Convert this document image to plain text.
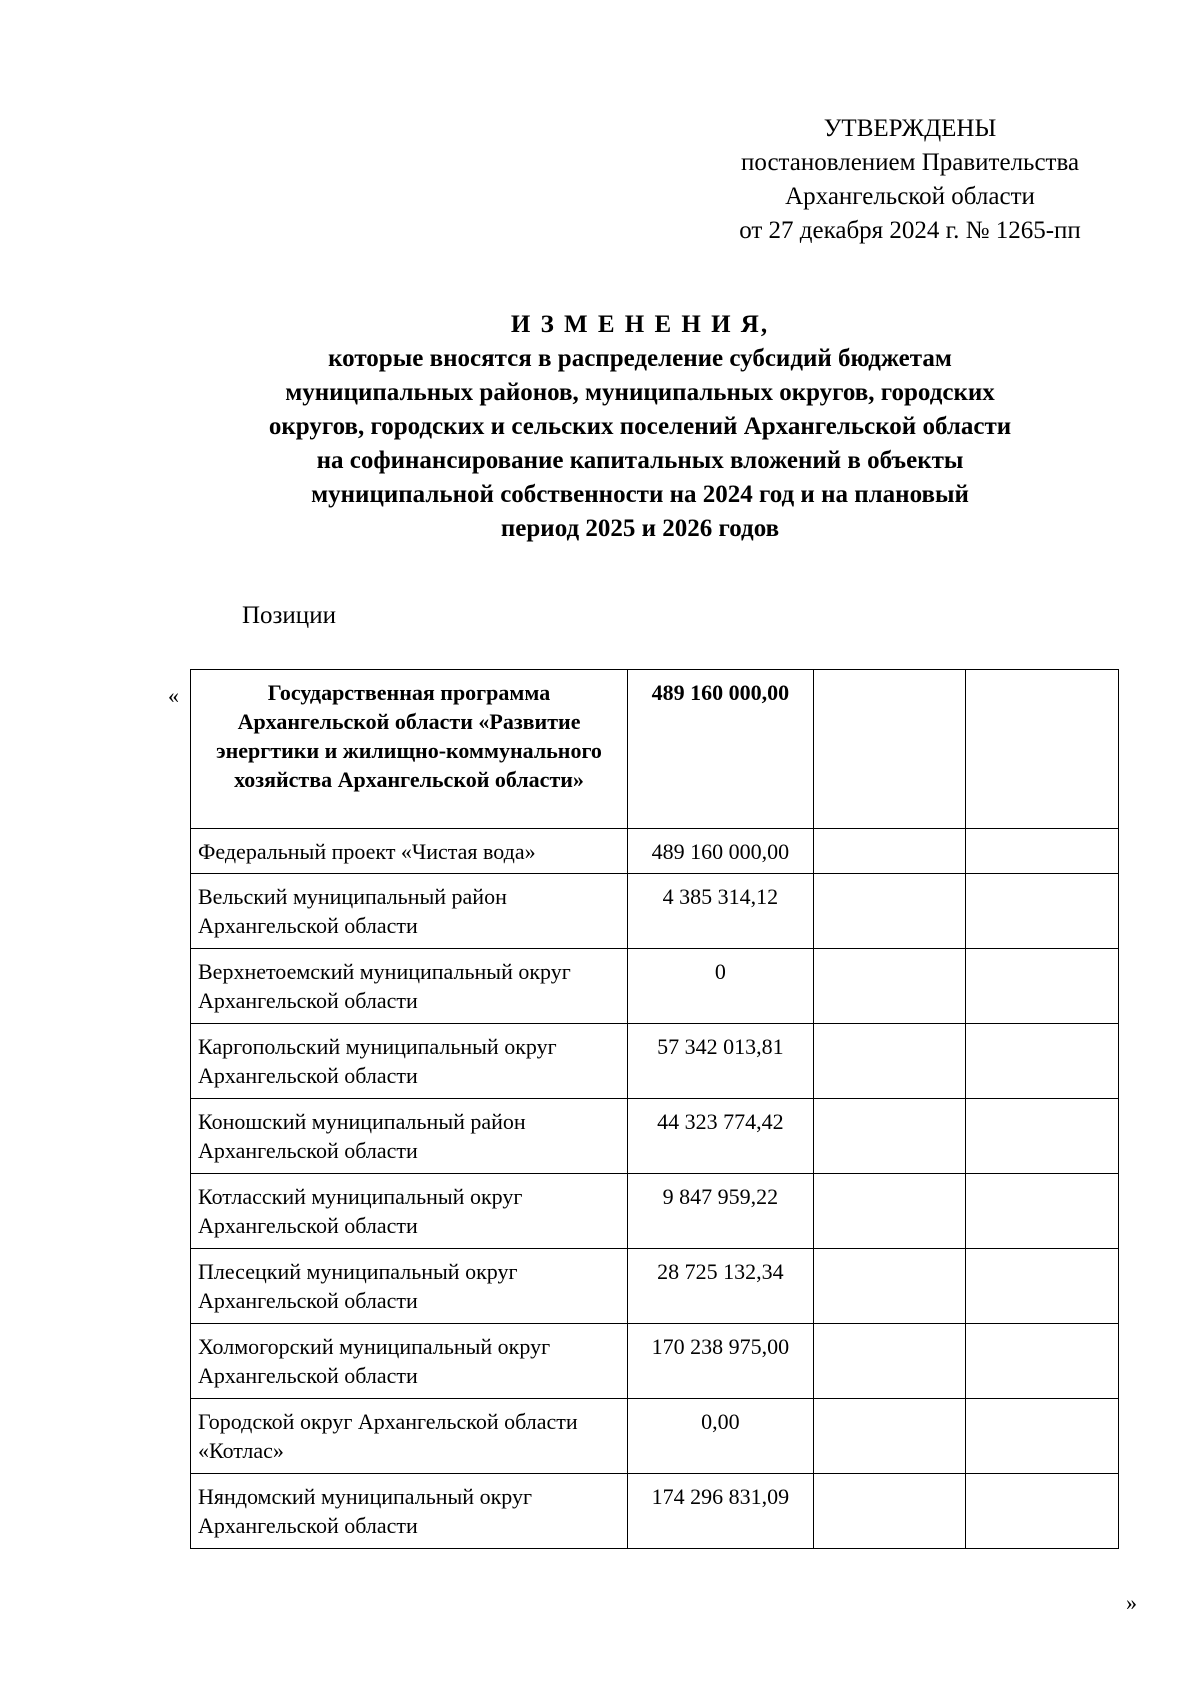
УТВЕРЖДЕНЫ
постановлением Правительства
Архангельской области
от 27 декабря 2024 г. № 1265-пп
И З М Е Н Е Н И Я,
которые вносятся в распределение субсидий бюджетам
муниципальных районов, муниципальных округов, городских
округов, городских и сельских поселений Архангельской области
на софинансирование капитальных вложений в объекты
муниципальной собственности на 2024 год и на плановый
период 2025 и 2026 годов
Позиции
«	Государственная программа Архангельской области «Развитие энергтики и жилищно-коммунального хозяйства Архангельской области»	489 160 000,00		
Федеральный проект «Чистая вода»	489 160 000,00		
Вельский муниципальный район Архангельской области	4 385 314,12		
Верхнетоемский муниципальный округ Архангельской области	0		
Каргопольский муниципальный округ Архангельской области	57 342 013,81		
Коношский муниципальный район Архангельской области	44 323 774,42		
Котласский муниципальный округ Архангельской области	9 847 959,22		
Плесецкий муниципальный округ Архангельской области	28 725 132,34		
Холмогорский муниципальный округ Архангельской области	170 238 975,00		
Городской округ Архангельской области «Котлас»	0,00		
Няндомский муниципальный округ Архангельской области	174 296 831,09		
»
